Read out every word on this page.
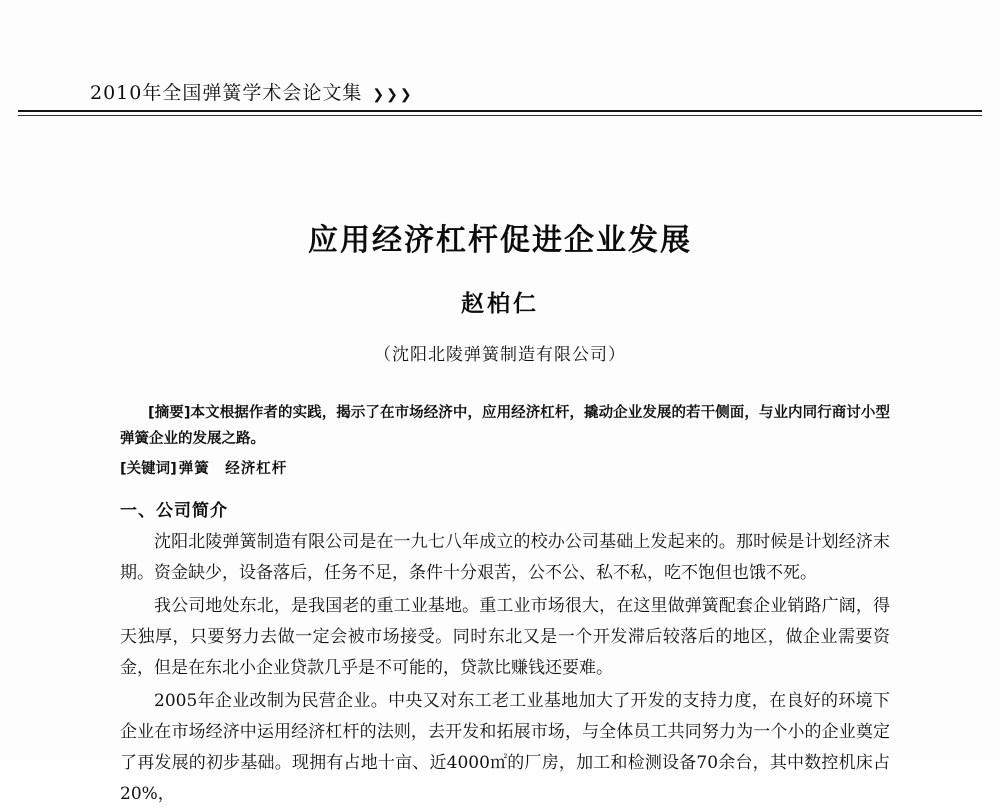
2010年全国弹簧学术会论文集 ❯❯❯
应用经济杠杆促进企业发展
赵柏仁
（沈阳北陵弹簧制造有限公司）
[摘要]本文根据作者的实践，揭示了在市场经济中，应用经济杠杆，撬动企业发展的若干侧面，与业内同行商讨小型弹簧企业的发展之路。
[关键词] 弹簧　经济杠杆
一、公司简介
沈阳北陵弹簧制造有限公司是在一九七八年成立的校办公司基础上发起来的。那时候是计划经济末期。资金缺少，设备落后，任务不足，条件十分艰苦，公不公、私不私，吃不饱但也饿不死。
我公司地处东北，是我国老的重工业基地。重工业市场很大，在这里做弹簧配套企业销路广阔，得天独厚，只要努力去做一定会被市场接受。同时东北又是一个开发滞后较落后的地区，做企业需要资金，但是在东北小企业贷款几乎是不可能的，贷款比赚钱还要难。
2005年企业改制为民营企业。中央又对东工老工业基地加大了开发的支持力度，在良好的环境下企业在市场经济中运用经济杠杆的法则，去开发和拓展市场，与全体员工共同努力为一个小的企业奠定了再发展的初步基础。现拥有占地十亩、近4000㎡的厂房，加工和检测设备70余台，其中数控机床占20%，
